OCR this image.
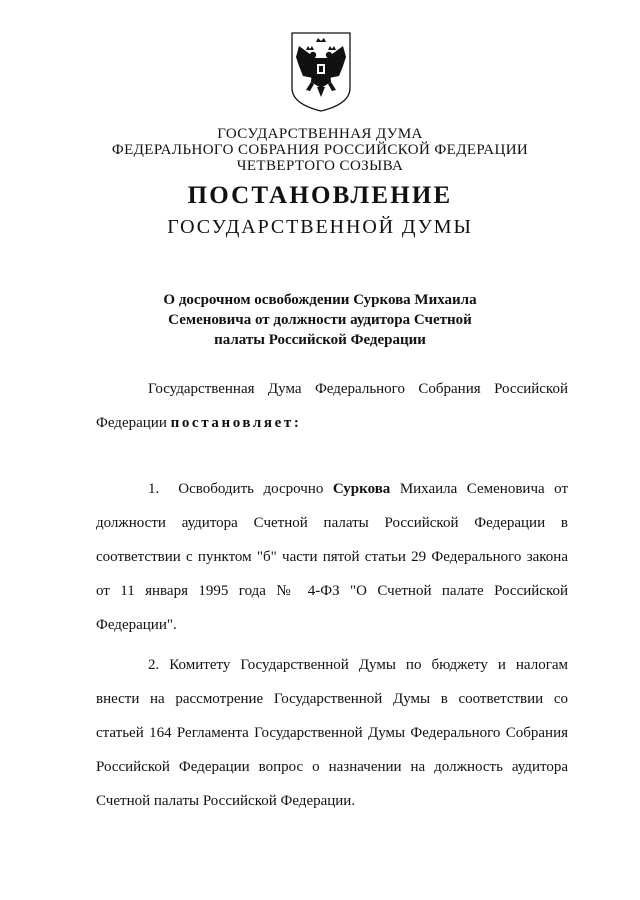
ГОСУДАРСТВЕННАЯ ДУМА
ФЕДЕРАЛЬНОГО СОБРАНИЯ РОССИЙСКОЙ ФЕДЕРАЦИИ
ЧЕТВЕРТОГО СОЗЫВА
ПОСТАНОВЛЕНИЕ
ГОСУДАРСТВЕННОЙ ДУМЫ
О досрочном освобождении Суркова Михаила
Семеновича от должности аудитора Счетной
палаты Российской Федерации

Государственная Дума Федерального Собрания Российской Федерации постановляет:

1. Освободить досрочно Суркова Михаила Семеновича от должности аудитора Счетной палаты Российской Федерации в соответствии с пунктом "б" части пятой статьи 29 Федерального закона от 11 января 1995 года № 4-ФЗ "О Счетной палате Российской Федерации".

2. Комитету Государственной Думы по бюджету и налогам внести на рассмотрение Государственной Думы в соответствии со статьей 164 Регламента Государственной Думы Федерального Собрания Российской Федерации вопрос о назначении на должность аудитора Счетной палаты Российской Федерации.
